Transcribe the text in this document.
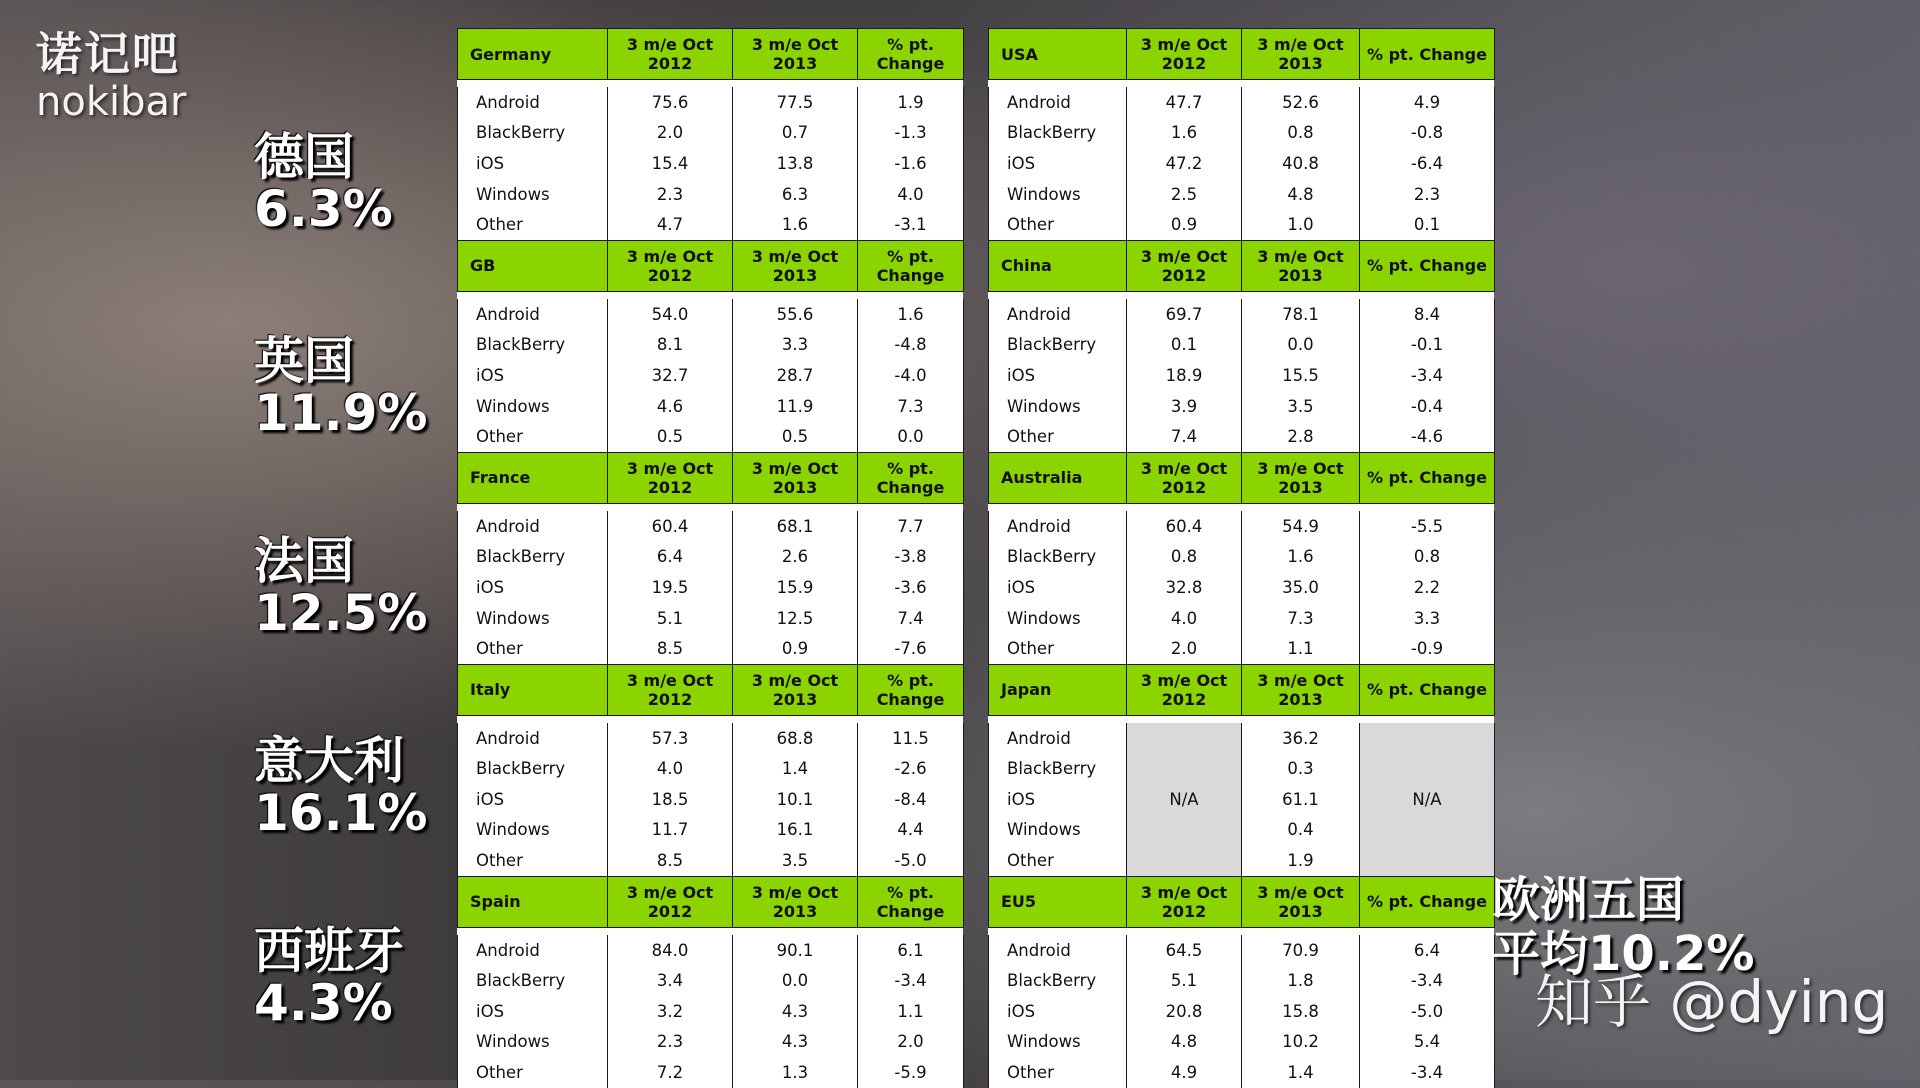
诺记吧
nokibar
德国
6.3%
英国
11.9%
法国
12.5%
意大利
16.1%
西班牙
4.3%
Germany	3 m/e Oct 2012	3 m/e Oct 2013	% pt. Change

Android	75.6	77.5	1.9
BlackBerry	2.0	0.7	-1.3
iOS	15.4	13.8	-1.6
Windows	2.3	6.3	4.0
Other	4.7	1.6	-3.1
GB	3 m/e Oct 2012	3 m/e Oct 2013	% pt. Change

Android	54.0	55.6	1.6
BlackBerry	8.1	3.3	-4.8
iOS	32.7	28.7	-4.0
Windows	4.6	11.9	7.3
Other	0.5	0.5	0.0
France	3 m/e Oct 2012	3 m/e Oct 2013	% pt. Change

Android	60.4	68.1	7.7
BlackBerry	6.4	2.6	-3.8
iOS	19.5	15.9	-3.6
Windows	5.1	12.5	7.4
Other	8.5	0.9	-7.6
Italy	3 m/e Oct 2012	3 m/e Oct 2013	% pt. Change

Android	57.3	68.8	11.5
BlackBerry	4.0	1.4	-2.6
iOS	18.5	10.1	-8.4
Windows	11.7	16.1	4.4
Other	8.5	3.5	-5.0
Spain	3 m/e Oct 2012	3 m/e Oct 2013	% pt. Change

Android	84.0	90.1	6.1
BlackBerry	3.4	0.0	-3.4
iOS	3.2	4.3	1.1
Windows	2.3	4.3	2.0
Other	7.2	1.3	-5.9
USA	3 m/e Oct 2012	3 m/e Oct 2013	% pt. Change

Android	47.7	52.6	4.9
BlackBerry	1.6	0.8	-0.8
iOS	47.2	40.8	-6.4
Windows	2.5	4.8	2.3
Other	0.9	1.0	0.1
China	3 m/e Oct 2012	3 m/e Oct 2013	% pt. Change

Android	69.7	78.1	8.4
BlackBerry	0.1	0.0	-0.1
iOS	18.9	15.5	-3.4
Windows	3.9	3.5	-0.4
Other	7.4	2.8	-4.6
Australia	3 m/e Oct 2012	3 m/e Oct 2013	% pt. Change

Android	60.4	54.9	-5.5
BlackBerry	0.8	1.6	0.8
iOS	32.8	35.0	2.2
Windows	4.0	7.3	3.3
Other	2.0	1.1	-0.9
Japan	3 m/e Oct 2012	3 m/e Oct 2013	% pt. Change

Android	N/A	36.2	N/A
BlackBerry		0.3	
iOS		61.1	
Windows		0.4	
Other		1.9	
EU5	3 m/e Oct 2012	3 m/e Oct 2013	% pt. Change

Android	64.5	70.9	6.4
BlackBerry	5.1	1.8	-3.4
iOS	20.8	15.8	-5.0
Windows	4.8	10.2	5.4
Other	4.9	1.4	-3.4
欧洲五国
平均10.2%
知乎 @dying
